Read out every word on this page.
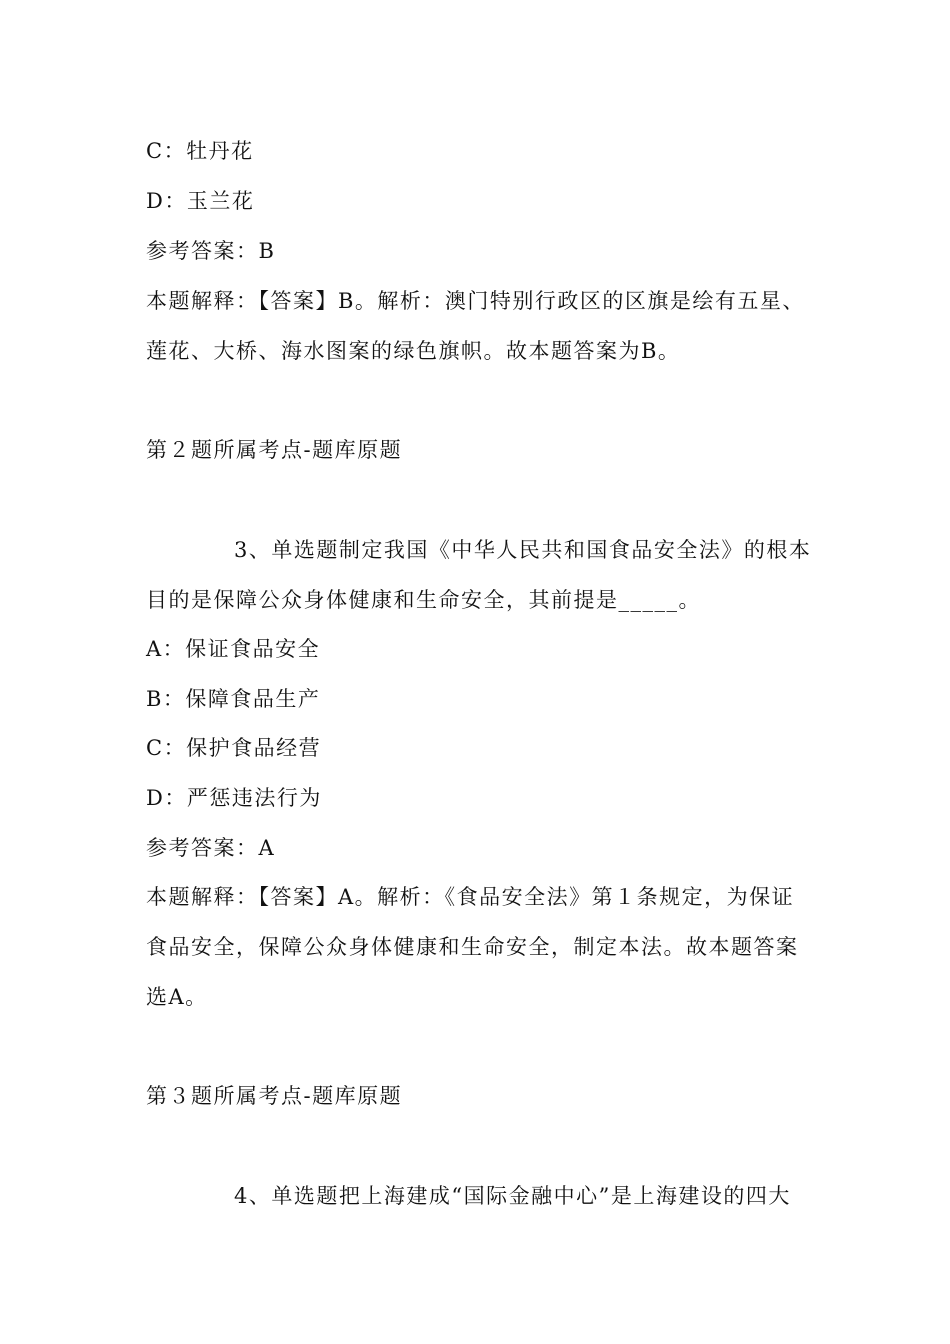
C：牡丹花
D：玉兰花
参考答案：B
本题解释：【答案】B。解析：澳门特别行政区的区旗是绘有五星、
莲花、大桥、海水图案的绿色旗帜。故本题答案为B。
第２题所属考点-题库原题
3、单选题制定我国《中华人民共和国食品安全法》的根本
目的是保障公众身体健康和生命安全，其前提是_____。
A：保证食品安全
B：保障食品生产
C：保护食品经营
D：严惩违法行为
参考答案：A
本题解释：【答案】A。解析：《食品安全法》第１条规定，为保证
食品安全，保障公众身体健康和生命安全，制定本法。故本题答案
选A。
第３题所属考点-题库原题
4、单选题把上海建成“国际金融中心”是上海建设的四大
